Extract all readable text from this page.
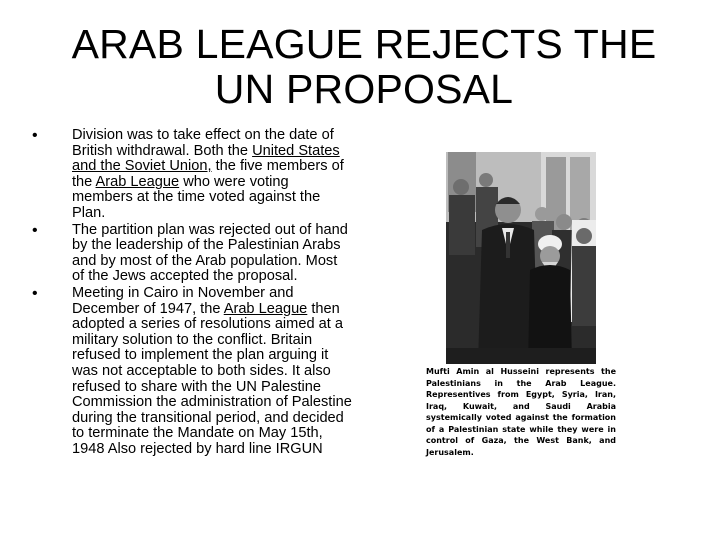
ARAB LEAGUE REJECTS THE
UN PROPOSAL
• Division was to take effect on the date of British withdrawal. Both the United States and the Soviet Union, the five members of the Arab League who were voting members at the time voted against the Plan.
• The partition plan was rejected out of hand by the leadership of the Palestinian Arabs and by most of the Arab population. Most of the Jews accepted the proposal.
• Meeting in Cairo in November and December of 1947, the Arab League then adopted a series of resolutions aimed at a military solution to the conflict. Britain refused to implement the plan arguing it was not acceptable to both sides. It also refused to share with the UN Palestine Commission the administration of Palestine during the transitional period, and decided to terminate the Mandate on May 15th, 1948 Also rejected by hard line IRGUN
Mufti Amin al Husseini represents the Palestinians in the Arab League. Representives from Egypt, Syria, Iran, Iraq, Kuwait, and Saudi Arabia systemically voted against the formation of a Palestinian state while they were in control of Gaza, the West Bank, and Jerusalem.
